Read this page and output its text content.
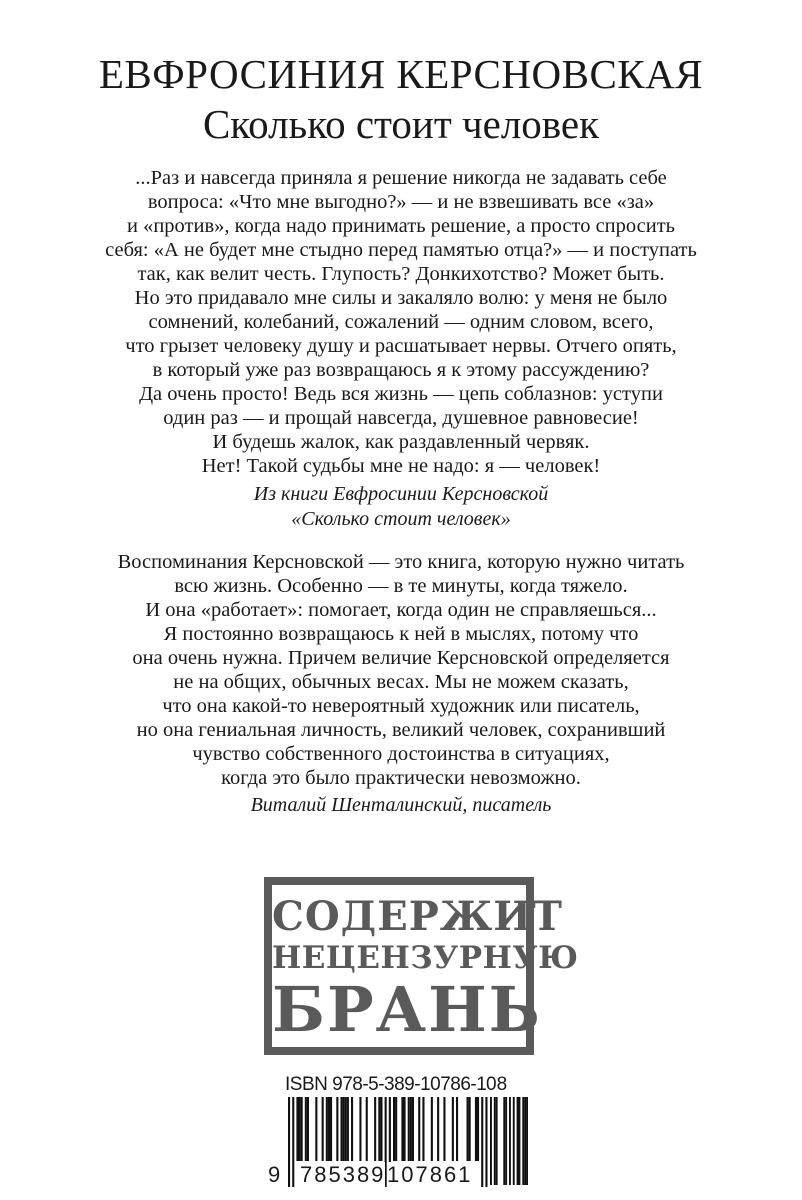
ЕВФРОСИНИЯ КЕРСНОВСКАЯ
Сколько стоит человек
...Раз и навсегда приняла я решение никогда не задавать себе
вопроса: «Что мне выгодно?» — и не взвешивать все «за»
и «против», когда надо принимать решение, а просто спросить
себя: «А не будет мне стыдно перед памятью отца?» — и поступать
так, как велит честь. Глупость? Донкихотство? Может быть.
Но это придавало мне силы и закаляло волю: у меня не было
сомнений, колебаний, сожалений — одним словом, всего,
что грызет человеку душу и расшатывает нервы. Отчего опять,
в который уже раз возвращаюсь я к этому рассуждению?
Да очень просто! Ведь вся жизнь — цепь соблазнов: уступи
один раз — и прощай навсегда, душевное равновесие!
И будешь жалок, как раздавленный червяк.
Нет! Такой судьбы мне не надо: я — человек!
Из книги Евфросинии Керсновской
«Сколько стоит человек»
Воспоминания Керсновской — это книга, которую нужно читать
всю жизнь. Особенно — в те минуты, когда тяжело.
И она «работает»: помогает, когда один не справляешься...
Я постоянно возвращаюсь к ней в мыслях, потому что
она очень нужна. Причем величие Керсновской определяется
не на общих, обычных весах. Мы не можем сказать,
что она какой-то невероятный художник или писатель,
но она гениальная личность, великий человек, сохранивший
чувство собственного достоинства в ситуациях,
когда это было практически невозможно.
Виталий Шенталинский, писатель
СОДЕРЖИТ
НЕЦЕНЗУРНУЮ
БРАНЬ
ISBN 978-5-389-10786-1 08
9 785389 107861
